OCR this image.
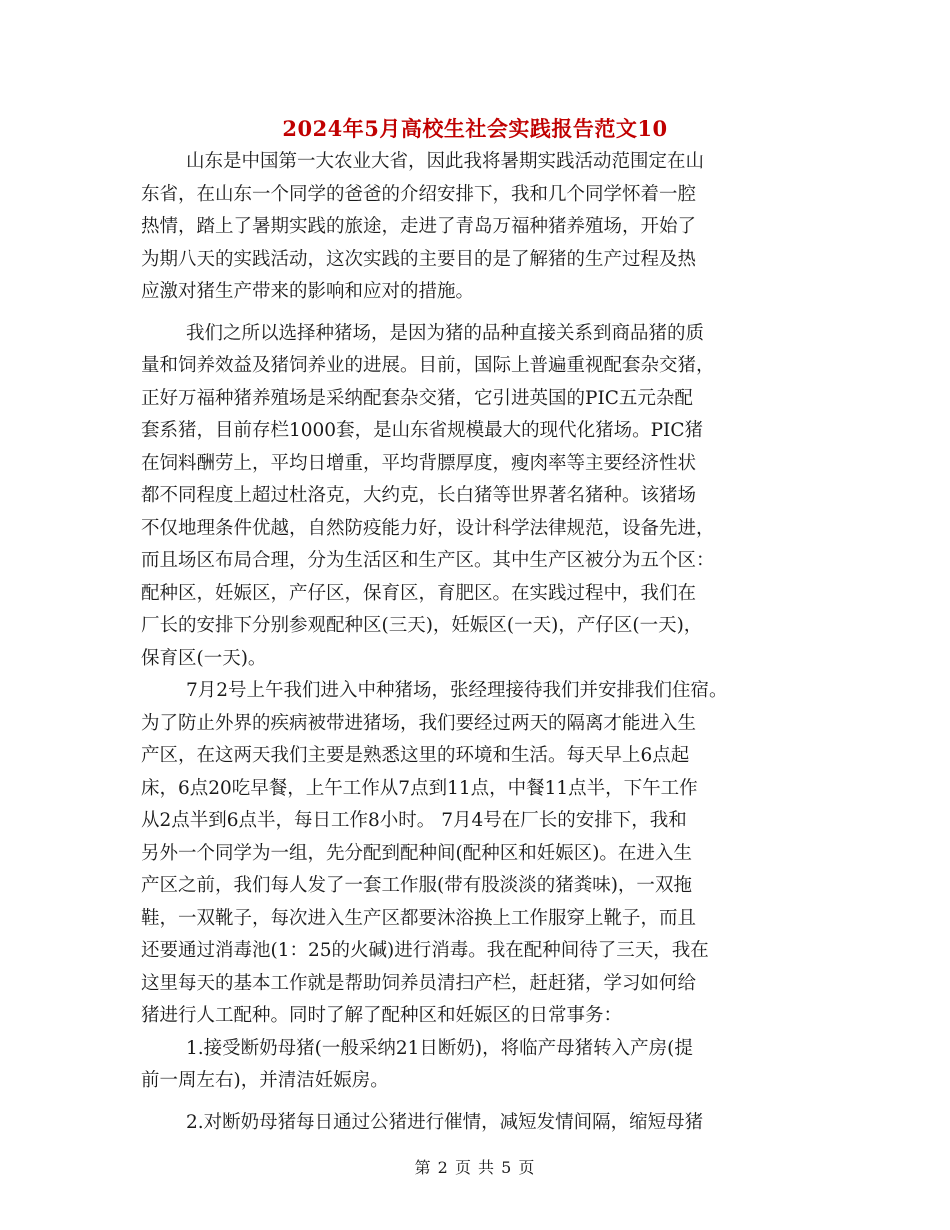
2024年5月高校生社会实践报告范文10
山东是中国第一大农业大省，因此我将暑期实践活动范围定在山
东省，在山东一个同学的爸爸的介绍安排下，我和几个同学怀着一腔
热情，踏上了暑期实践的旅途，走进了青岛万福种猪养殖场，开始了
为期八天的实践活动，这次实践的主要目的是了解猪的生产过程及热
应激对猪生产带来的影响和应对的措施。
我们之所以选择种猪场，是因为猪的品种直接关系到商品猪的质
量和饲养效益及猪饲养业的进展。目前，国际上普遍重视配套杂交猪，
正好万福种猪养殖场是采纳配套杂交猪，它引进英国的PIC五元杂配
套系猪，目前存栏1000套，是山东省规模最大的现代化猪场。PIC猪
在饲料酬劳上，平均日增重，平均背膘厚度，瘦肉率等主要经济性状
都不同程度上超过杜洛克，大约克，长白猪等世界著名猪种。该猪场
不仅地理条件优越，自然防疫能力好，设计科学法律规范，设备先进，
而且场区布局合理，分为生活区和生产区。其中生产区被分为五个区：
配种区，妊娠区，产仔区，保育区，育肥区。在实践过程中，我们在
厂长的安排下分别参观配种区(三天)，妊娠区(一天)，产仔区(一天)，
保育区(一天)。
7月2号上午我们进入中种猪场，张经理接待我们并安排我们住宿。
为了防止外界的疾病被带进猪场，我们要经过两天的隔离才能进入生
产区，在这两天我们主要是熟悉这里的环境和生活。每天早上6点起
床，6点20吃早餐，上午工作从7点到11点，中餐11点半，下午工作
从2点半到6点半，每日工作8小时。 7月4号在厂长的安排下，我和
另外一个同学为一组，先分配到配种间(配种区和妊娠区)。在进入生
产区之前，我们每人发了一套工作服(带有股淡淡的猪粪味)，一双拖
鞋，一双靴子，每次进入生产区都要沐浴换上工作服穿上靴子，而且
还要通过消毒池(1：25的火碱)进行消毒。我在配种间待了三天，我在
这里每天的基本工作就是帮助饲养员清扫产栏，赶赶猪，学习如何给
猪进行人工配种。同时了解了配种区和妊娠区的日常事务：
1.接受断奶母猪(一般采纳21日断奶)，将临产母猪转入产房(提
前一周左右)，并清洁妊娠房。
2.对断奶母猪每日通过公猪进行催情，减短发情间隔，缩短母猪
第 2 页 共 5 页
